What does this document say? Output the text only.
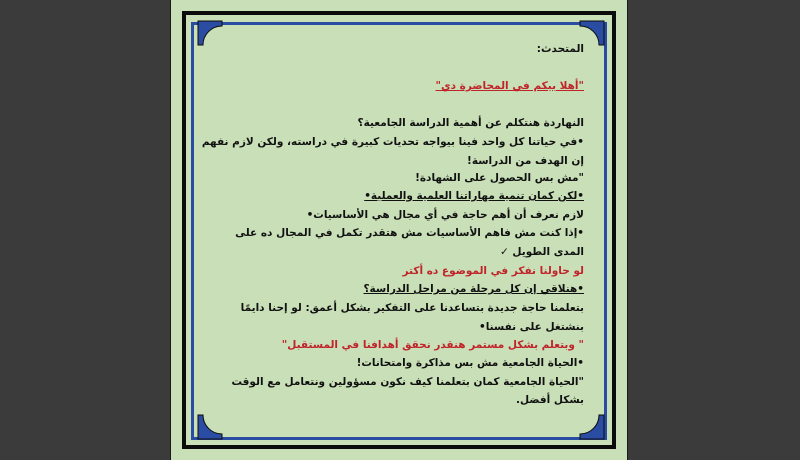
المتحدث:
"أهلا بيكم في المحاضرة دي"
النهاردة هنتكلم عن أهمية الدراسة الجامعية؟
•في حياتنا كل واحد فينا بيواجه تحديات كبيرة في دراسته، ولكن لازم نفهم
إن الهدف من الدراسة!
"مش بس الحصول على الشهادة!
•لكن كمان تنمية مهاراتنا العلمية والعملية•
لازم نعرف أن أهم حاجة في أي مجال هي الأساسيات•
•إذا كنت مش فاهم الأساسيات مش هتقدر تكمل في المجال ده على
المدى الطويل ✓
لو حاولنا نفكر في الموضوع ده أكتر
•هنلاقي إن كل مرحلة من مراحل الدراسة؟
بتعلمنا حاجة جديدة بتساعدنا على التفكير بشكل أعمق: لو إحنا دايمًا
بنشتغل على نفسنا•
" وبتعلم بشكل مستمر هنقدر نحقق أهدافنا في المستقبل"
•الحياة الجامعية مش بس مذاكرة وامتحانات!
"الحياة الجامعية كمان بتعلمنا كيف نكون مسؤولين ونتعامل مع الوقت
بشكل أفضل.
